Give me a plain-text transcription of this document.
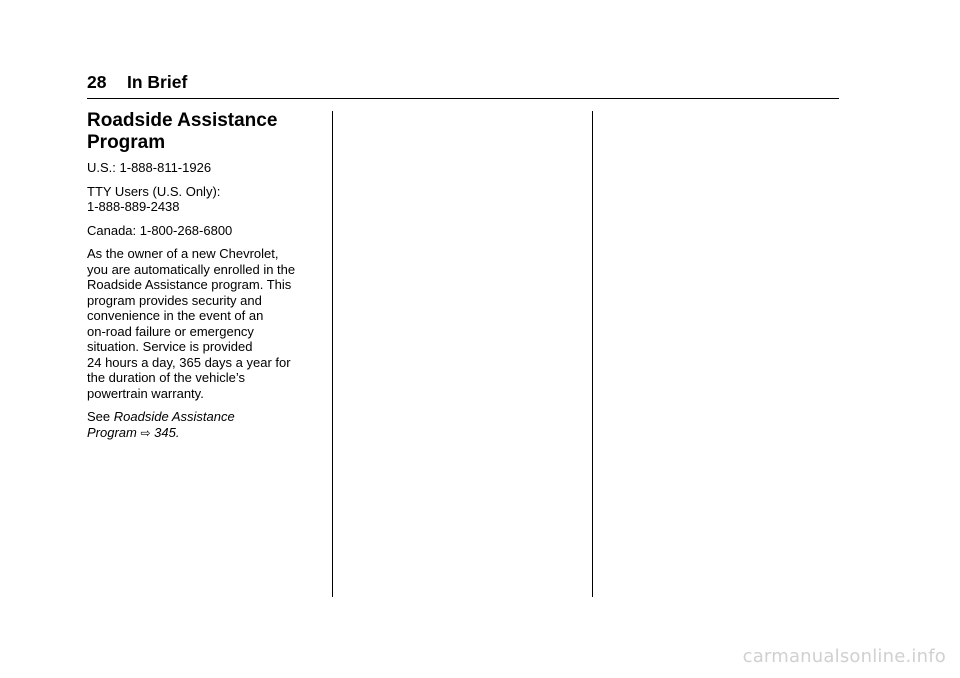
28 In Brief
Roadside Assistance
Program

U.S.: 1-888-811-1926

TTY Users (U.S. Only):
1-888-889-2438

Canada: 1-800-268-6800

As the owner of a new Chevrolet,
you are automatically enrolled in the
Roadside Assistance program. This
program provides security and
convenience in the event of an
on-road failure or emergency
situation. Service is provided
24 hours a day, 365 days a year for
the duration of the vehicle’s
powertrain warranty.

See Roadside Assistance
Program ⇨ 345.

carmanualsonline.info
